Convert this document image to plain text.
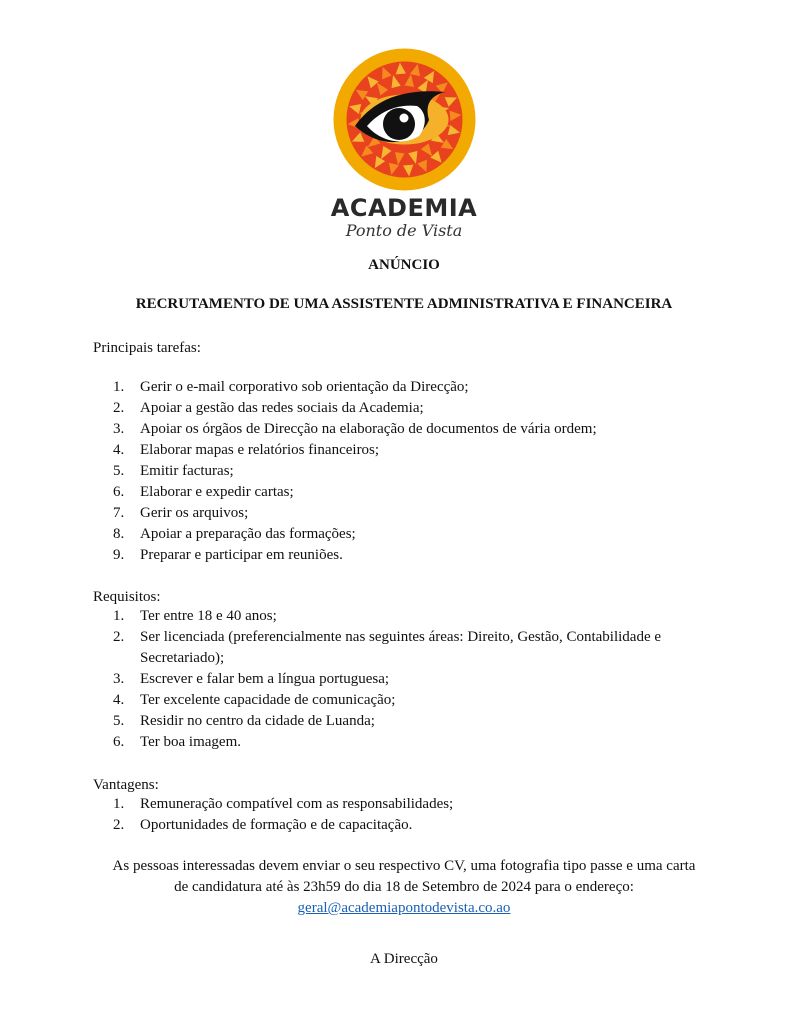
ACADEMIA
Ponto de Vista
ANÚNCIO
RECRUTAMENTO DE UMA ASSISTENTE ADMINISTRATIVA E FINANCEIRA
Principais tarefas:
1.	Gerir o e-mail corporativo sob orientação da Direcção;
2.	Apoiar a gestão das redes sociais da Academia;
3.	Apoiar os órgãos de Direcção na elaboração de documentos de vária ordem;
4.	Elaborar mapas e relatórios financeiros;
5.	Emitir facturas;
6.	Elaborar e expedir cartas;
7.	Gerir os arquivos;
8.	Apoiar a preparação das formações;
9.	Preparar e participar em reuniões.
Requisitos:
1.	Ter entre 18 e 40 anos;
2.	Ser licenciada (preferencialmente nas seguintes áreas: Direito, Gestão, Contabilidade e Secretariado);
3.	Escrever e falar bem a língua portuguesa;
4.	Ter excelente capacidade de comunicação;
5.	Residir no centro da cidade de Luanda;
6.	Ter boa imagem.
Vantagens:
1.	Remuneração compatível com as responsabilidades;
2.	Oportunidades de formação e de capacitação.
As pessoas interessadas devem enviar o seu respectivo CV, uma fotografia tipo passe e uma carta
de candidatura até às 23h59 do dia 18 de Setembro de 2024 para o endereço:
geral@academiapontodevista.co.ao
A Direcção
